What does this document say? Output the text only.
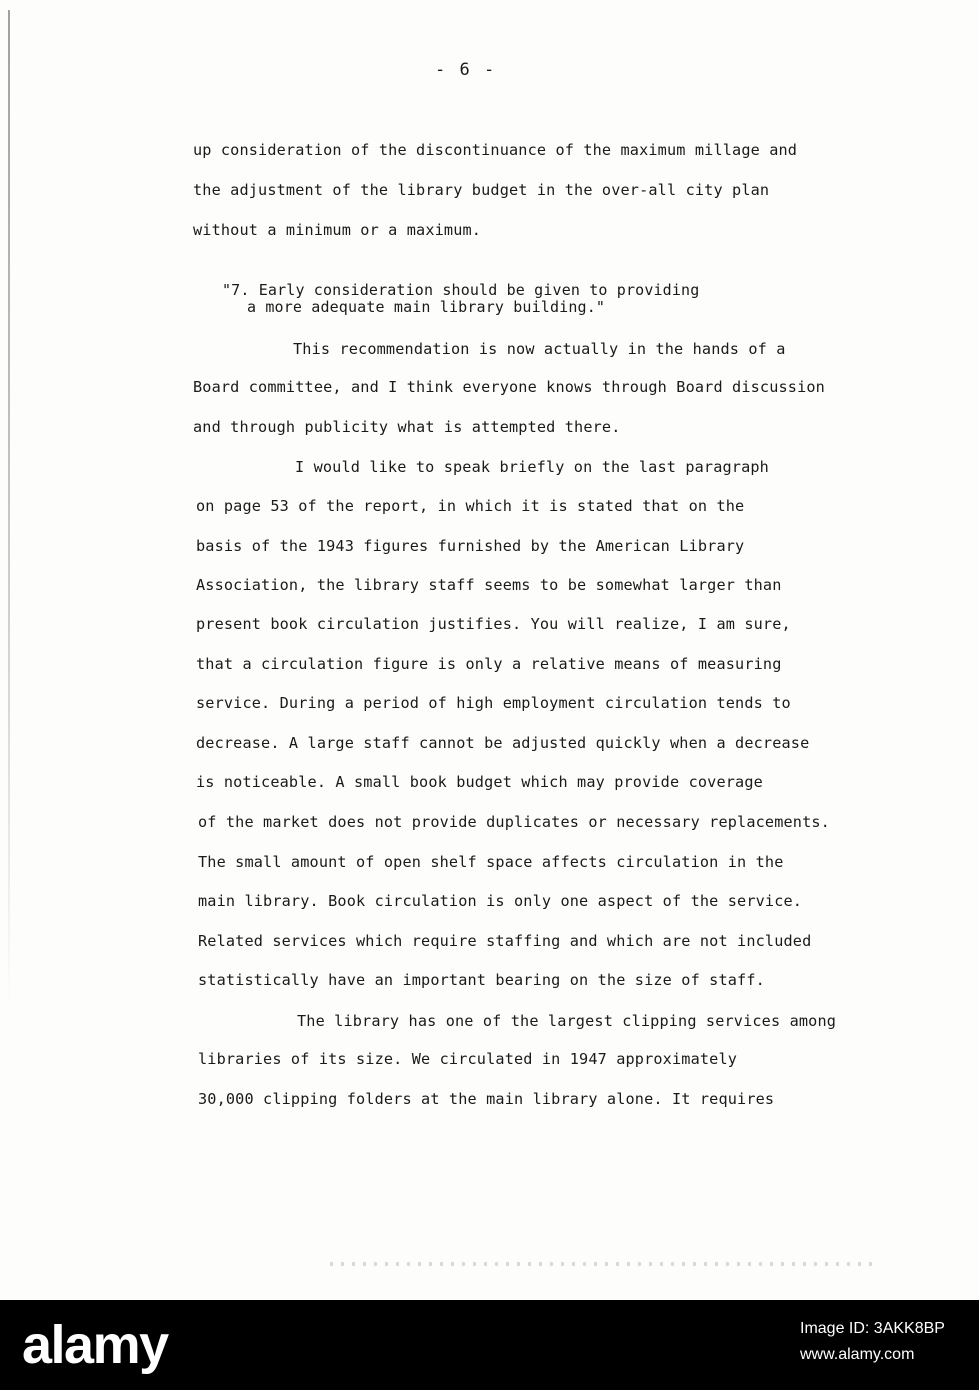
- 6 -
up consideration of the discontinuance of the maximum millage and
the adjustment of the library budget in the over-all city plan
without a minimum or a maximum.
"7. Early consideration should be given to providing
a more adequate main library building."
This recommendation is now actually in the hands of a
Board committee, and I think everyone knows through Board discussion
and through publicity what is attempted there.
I would like to speak briefly on the last paragraph
on page 53 of the report, in which it is stated that on the
basis of the 1943 figures furnished by the American Library
Association, the library staff seems to be somewhat larger than
present book circulation justifies. You will realize, I am sure,
that a circulation figure is only a relative means of measuring
service. During a period of high employment circulation tends to
decrease. A large staff cannot be adjusted quickly when a decrease
is noticeable. A small book budget which may provide coverage
of the market does not provide duplicates or necessary replacements.
The small amount of open shelf space affects circulation in the
main library. Book circulation is only one aspect of the service.
Related services which require staffing and which are not included
statistically have an important bearing on the size of staff.
The library has one of the largest clipping services among
libraries of its size. We circulated in 1947 approximately
30,000 clipping folders at the main library alone. It requires
alamy	Image ID: 3AKK8BP
www.alamy.com
